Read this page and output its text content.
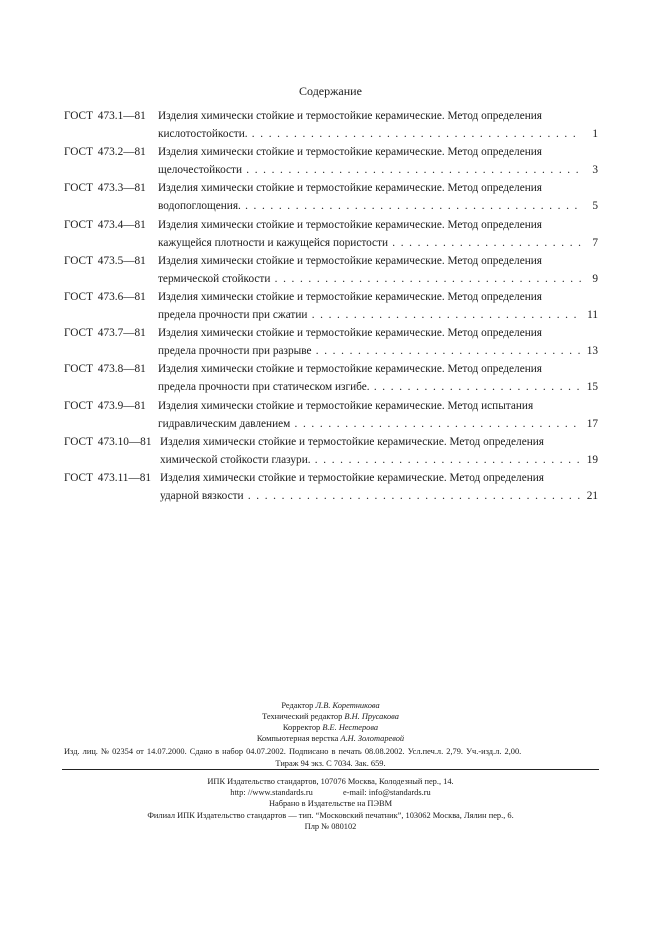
Содержание
ГОСТ 473.1—81 Изделия химически стойкие и термостойкие керамические. Метод определения
кислотостойкости. . . .	1
ГОСТ 473.2—81 Изделия химически стойкие и термостойкие керамические. Метод определения
щелочестойкости . . .	3
ГОСТ 473.3—81 Изделия химически стойкие и термостойкие керамические. Метод определения
водопоглощения. . . .	5
ГОСТ 473.4—81 Изделия химически стойкие и термостойкие керамические. Метод определения
кажущейся плотности и кажущейся пористости . . .	7
ГОСТ 473.5—81 Изделия химически стойкие и термостойкие керамические. Метод определения
термической стойкости . . .	9
ГОСТ 473.6—81 Изделия химически стойкие и термостойкие керамические. Метод определения
предела прочности при сжатии . . .	11
ГОСТ 473.7—81 Изделия химически стойкие и термостойкие керамические. Метод определения
предела прочности при разрыве . . .	13
ГОСТ 473.8—81 Изделия химически стойкие и термостойкие керамические. Метод определения
предела прочности при статическом изгибе. . . .	15
ГОСТ 473.9—81 Изделия химически стойкие и термостойкие керамические. Метод испытания
гидравлическим давлением . . .	17
ГОСТ 473.10—81 Изделия химически стойкие и термостойкие керамические. Метод определения
химической стойкости глазури. . . .	19
ГОСТ 473.11—81 Изделия химически стойкие и термостойкие керамические. Метод определения
ударной вязкости . . .	21
Редактор Л.В. Коретникова
Технический редактор В.Н. Прусакова
Корректор В.Е. Нестерова
Компьютерная верстка А.Н. Золотаревой
Изд. лиц. № 02354 от 14.07.2000. Сдано в набор 04.07.2002. Подписано в печать 08.08.2002. Усл.печ.л. 2,79. Уч.-изд.л. 2,00.
Тираж 94 экз. С 7034. Зак. 659.
ИПК Издательство стандартов, 107076 Москва, Колодезный пер., 14.
http: //www.standards.ru	e-mail: info@standards.ru
Набрано в Издательстве на ПЭВМ
Филиал ИПК Издательство стандартов — тип. “Московский печатник”, 103062 Москва, Лялин пер., 6.
Плр № 080102
